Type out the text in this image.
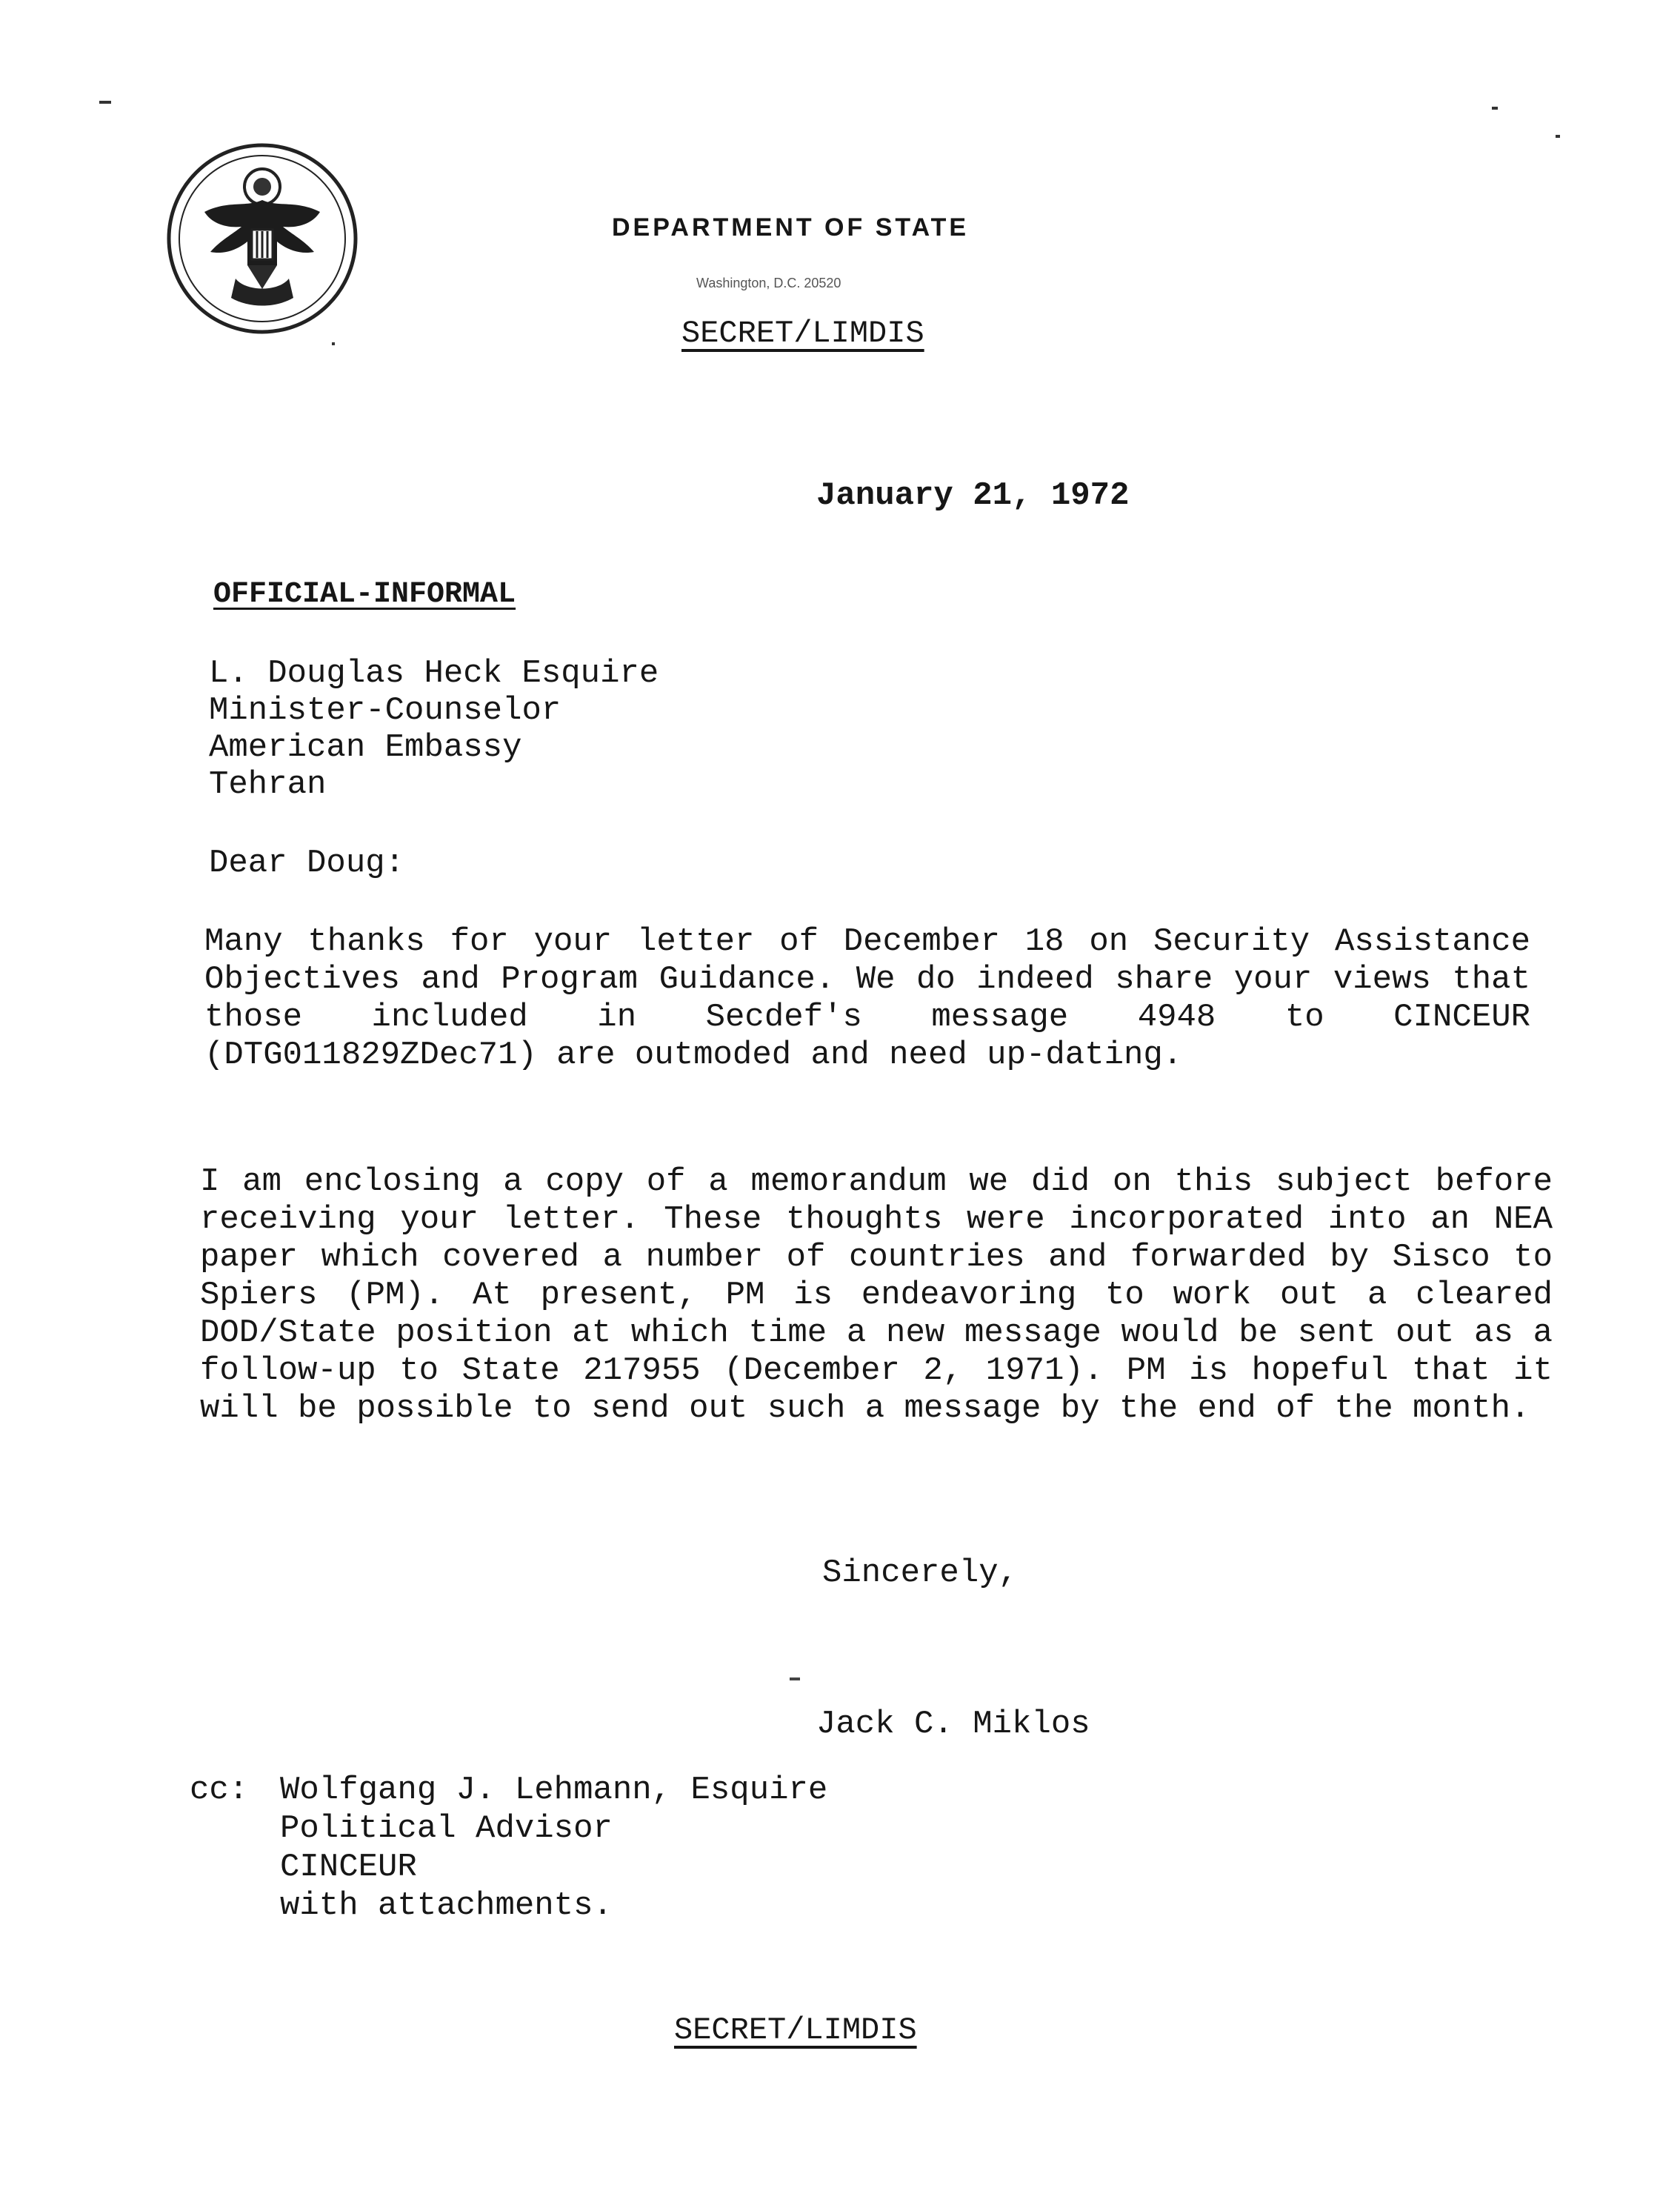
DEPARTMENT OF STATE
Washington, D.C. 20520
SECRET/LIMDIS
January 21, 1972
OFFICIAL-INFORMAL
L. Douglas Heck Esquire
Minister-Counselor
American Embassy
Tehran
Dear Doug:
Many thanks for your letter of December 18 on Security Assistance Objectives and Program Guidance. We do indeed share your views that those included in Secdef's message 4948 to CINCEUR (DTG011829ZDec71) are outmoded and need up-dating.
I am enclosing a copy of a memorandum we did on this subject before receiving your letter. These thoughts were incorporated into an NEA paper which covered a number of countries and forwarded by Sisco to Spiers (PM). At present, PM is endeavoring to work out a cleared DOD/State position at which time a new message would be sent out as a follow-up to State 217955 (December 2, 1971). PM is hopeful that it will be possible to send out such a message by the end of the month.
Sincerely,
Jack C. Miklos
cc: Wolfgang J. Lehmann, Esquire
Political Advisor
CINCEUR
with attachments.
SECRET/LIMDIS
